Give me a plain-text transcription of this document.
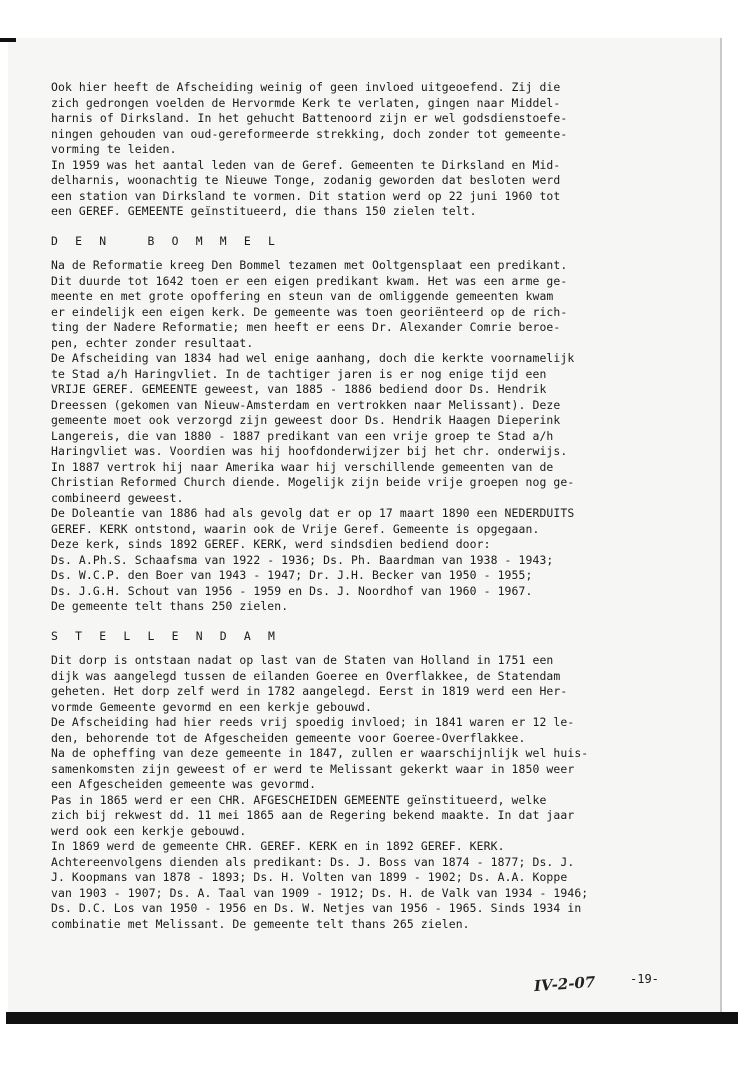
Ook hier heeft de Afscheiding weinig of geen invloed uitgeoefend. Zij die
zich gedrongen voelden de Hervormde Kerk te verlaten, gingen naar Middel-
harnis of Dirksland. In het gehucht Battenoord zijn er wel godsdienstoefe-
ningen gehouden van oud-gereformeerde strekking, doch zonder tot gemeente-
vorming te leiden.
In 1959 was het aantal leden van de Geref. Gemeenten te Dirksland en Mid-
delharnis, woonachtig te Nieuwe Tonge, zodanig geworden dat besloten werd
een station van Dirksland te vormen. Dit station werd op 22 juni 1960 tot
een GEREF. GEMEENTE geïnstitueerd, die thans 150 zielen telt.
D E N   B O M M E L
Na de Reformatie kreeg Den Bommel tezamen met Ooltgensplaat een predikant.
Dit duurde tot 1642 toen er een eigen predikant kwam. Het was een arme ge-
meente en met grote opoffering en steun van de omliggende gemeenten kwam
er eindelijk een eigen kerk. De gemeente was toen georiënteerd op de rich-
ting der Nadere Reformatie; men heeft er eens Dr. Alexander Comrie beroe-
pen, echter zonder resultaat.
De Afscheiding van 1834 had wel enige aanhang, doch die kerkte voornamelijk
te Stad a/h Haringvliet. In de tachtiger jaren is er nog enige tijd een
VRIJE GEREF. GEMEENTE geweest, van 1885 - 1886 bediend door Ds. Hendrik
Dreessen (gekomen van Nieuw-Amsterdam en vertrokken naar Melissant). Deze
gemeente moet ook verzorgd zijn geweest door Ds. Hendrik Haagen Dieperink
Langereis, die van 1880 - 1887 predikant van een vrije groep te Stad a/h
Haringvliet was. Voordien was hij hoofdonderwijzer bij het chr. onderwijs.
In 1887 vertrok hij naar Amerika waar hij verschillende gemeenten van de
Christian Reformed Church diende. Mogelijk zijn beide vrije groepen nog ge-
combineerd geweest.
De Doleantie van 1886 had als gevolg dat er op 17 maart 1890 een NEDERDUITS
GEREF. KERK ontstond, waarin ook de Vrije Geref. Gemeente is opgegaan.
Deze kerk, sinds 1892 GEREF. KERK, werd sindsdien bediend door:
Ds. A.Ph.S. Schaafsma van 1922 - 1936; Ds. Ph. Baardman van 1938 - 1943;
Ds. W.C.P. den Boer van 1943 - 1947; Dr. J.H. Becker van 1950 - 1955;
Ds. J.G.H. Schout van 1956 - 1959 en Ds. J. Noordhof van 1960 - 1967.
De gemeente telt thans 250 zielen.
S T E L L E N D A M
Dit dorp is ontstaan nadat op last van de Staten van Holland in 1751 een
dijk was aangelegd tussen de eilanden Goeree en Overflakkee, de Statendam
geheten. Het dorp zelf werd in 1782 aangelegd. Eerst in 1819 werd een Her-
vormde Gemeente gevormd en een kerkje gebouwd.
De Afscheiding had hier reeds vrij spoedig invloed; in 1841 waren er 12 le-
den, behorende tot de Afgescheiden gemeente voor Goeree-Overflakkee.
Na de opheffing van deze gemeente in 1847, zullen er waarschijnlijk wel huis-
samenkomsten zijn geweest of er werd te Melissant gekerkt waar in 1850 weer
een Afgescheiden gemeente was gevormd.
Pas in 1865 werd er een CHR. AFGESCHEIDEN GEMEENTE geïnstitueerd, welke
zich bij rekwest dd. 11 mei 1865 aan de Regering bekend maakte. In dat jaar
werd ook een kerkje gebouwd.
In 1869 werd de gemeente CHR. GEREF. KERK en in 1892 GEREF. KERK.
Achtereenvolgens dienden als predikant: Ds. J. Boss van 1874 - 1877; Ds. J.
J. Koopmans van 1878 - 1893; Ds. H. Volten van 1899 - 1902; Ds. A.A. Koppe
van 1903 - 1907; Ds. A. Taal van 1909 - 1912; Ds. H. de Valk van 1934 - 1946;
Ds. D.C. Los van 1950 - 1956 en Ds. W. Netjes van 1956 - 1965. Sinds 1934 in
combinatie met Melissant. De gemeente telt thans 265 zielen.
IV-2-07	-19-
